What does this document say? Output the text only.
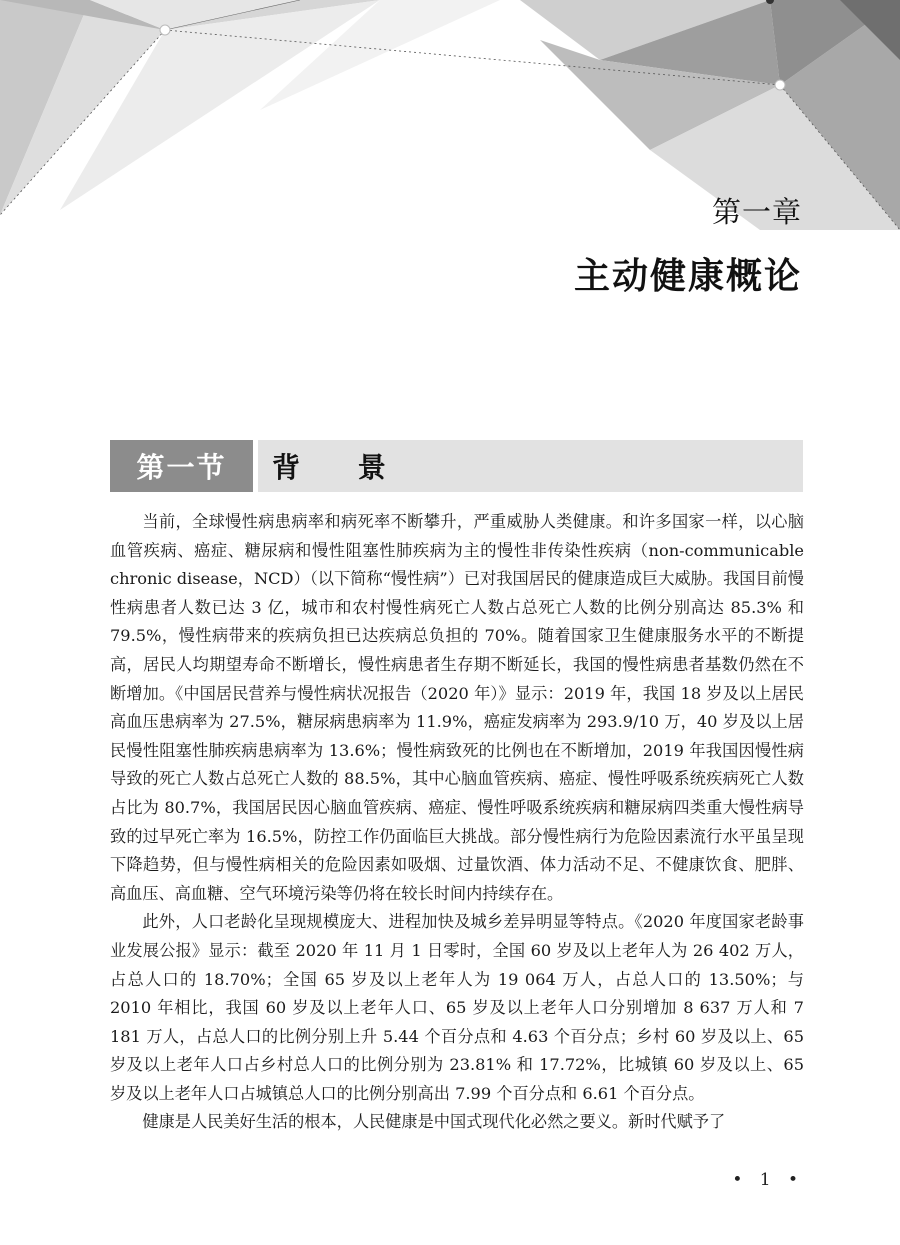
第一章
主动健康概论
第一节	背 景

当前，全球慢性病患病率和病死率不断攀升，严重威胁人类健康。和许多国家一样，以心脑血管疾病、癌症、糖尿病和慢性阻塞性肺疾病为主的慢性非传染性疾病（non-communicable chronic disease，NCD）（以下简称“慢性病”）已对我国居民的健康造成巨大威胁。我国目前慢性病患者人数已达 3 亿，城市和农村慢性病死亡人数占总死亡人数的比例分别高达 85.3% 和 79.5%，慢性病带来的疾病负担已达疾病总负担的 70%。随着国家卫生健康服务水平的不断提高，居民人均期望寿命不断增长，慢性病患者生存期不断延长，我国的慢性病患者基数仍然在不断增加。《中国居民营养与慢性病状况报告（2020 年）》显示：2019 年，我国 18 岁及以上居民高血压患病率为 27.5%，糖尿病患病率为 11.9%，癌症发病率为 293.9/10 万，40 岁及以上居民慢性阻塞性肺疾病患病率为 13.6%；慢性病致死的比例也在不断增加，2019 年我国因慢性病导致的死亡人数占总死亡人数的 88.5%，其中心脑血管疾病、癌症、慢性呼吸系统疾病死亡人数占比为 80.7%，我国居民因心脑血管疾病、癌症、慢性呼吸系统疾病和糖尿病四类重大慢性病导致的过早死亡率为 16.5%，防控工作仍面临巨大挑战。部分慢性病行为危险因素流行水平虽呈现下降趋势，但与慢性病相关的危险因素如吸烟、过量饮酒、体力活动不足、不健康饮食、肥胖、高血压、高血糖、空气环境污染等仍将在较长时间内持续存在。

此外，人口老龄化呈现规模庞大、进程加快及城乡差异明显等特点。《2020 年度国家老龄事业发展公报》显示：截至 2020 年 11 月 1 日零时，全国 60 岁及以上老年人为 26 402 万人，占总人口的 18.70%；全国 65 岁及以上老年人为 19 064 万人，占总人口的 13.50%；与 2010 年相比，我国 60 岁及以上老年人口、65 岁及以上老年人口分别增加 8 637 万人和 7 181 万人，占总人口的比例分别上升 5.44 个百分点和 4.63 个百分点；乡村 60 岁及以上、65 岁及以上老年人口占乡村总人口的比例分别为 23.81% 和 17.72%，比城镇 60 岁及以上、65 岁及以上老年人口占城镇总人口的比例分别高出 7.99 个百分点和 6.61 个百分点。

健康是人民美好生活的根本，人民健康是中国式现代化必然之要义。新时代赋予了

• 1 •
